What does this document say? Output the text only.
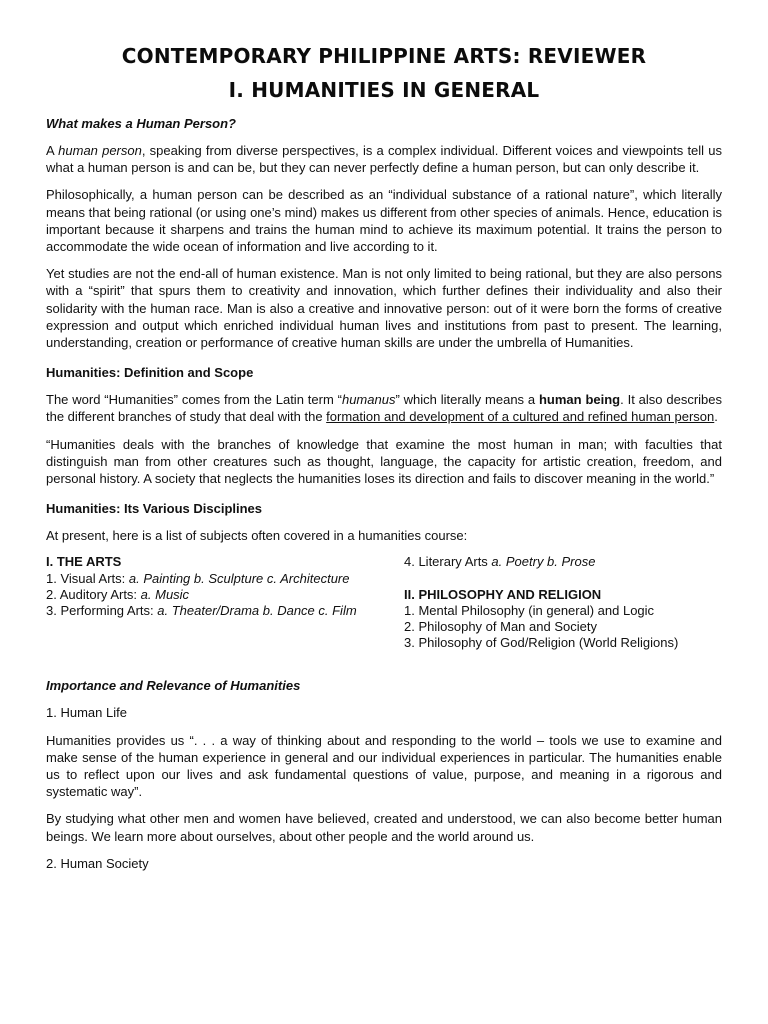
CONTEMPORARY PHILIPPINE ARTS: REVIEWER
I. HUMANITIES IN GENERAL
What makes a Human Person?

A human person, speaking from diverse perspectives, is a complex individual. Different voices and viewpoints tell us what a human person is and can be, but they can never perfectly define a human person, but can only describe it.

Philosophically, a human person can be described as an “individual substance of a rational nature”, which literally means that being rational (or using one’s mind) makes us different from other species of animals. Hence, education is important because it sharpens and trains the human mind to achieve its maximum potential. It trains the person to accommodate the wide ocean of information and live according to it.

Yet studies are not the end-all of human existence. Man is not only limited to being rational, but they are also persons with a “spirit” that spurs them to creativity and innovation, which further defines their individuality and also their solidarity with the human race. Man is also a creative and innovative person: out of it were born the forms of creative expression and output which enriched individual human lives and institutions from past to present. The learning, understanding, creation or performance of creative human skills are under the umbrella of Humanities.

Humanities: Definition and Scope

The word “Humanities” comes from the Latin term “humanus” which literally means a human being. It also describes the different branches of study that deal with the formation and development of a cultured and refined human person.

“Humanities deals with the branches of knowledge that examine the most human in man; with faculties that distinguish man from other creatures such as thought, language, the capacity for artistic creation, freedom, and personal history. A society that neglects the humanities loses its direction and fails to discover meaning in the world.”

Humanities: Its Various Disciplines

At present, here is a list of subjects often covered in a humanities course:

I. THE ARTS
1. Visual Arts: a. Painting b. Sculpture c. Architecture
2. Auditory Arts: a. Music
3. Performing Arts: a. Theater/Drama b. Dance c. Film
4. Literary Arts a. Poetry b. Prose
II. PHILOSOPHY AND RELIGION
1. Mental Philosophy (in general) and Logic
2. Philosophy of Man and Society
3. Philosophy of God/Religion (World Religions)
Importance and Relevance of Humanities

1. Human Life

Humanities provides us “. . . a way of thinking about and responding to the world – tools we use to examine and make sense of the human experience in general and our individual experiences in particular. The humanities enable us to reflect upon our lives and ask fundamental questions of value, purpose, and meaning in a rigorous and systematic way”.

By studying what other men and women have believed, created and understood, we can also become better human beings. We learn more about ourselves, about other people and the world around us.

2. Human Society
